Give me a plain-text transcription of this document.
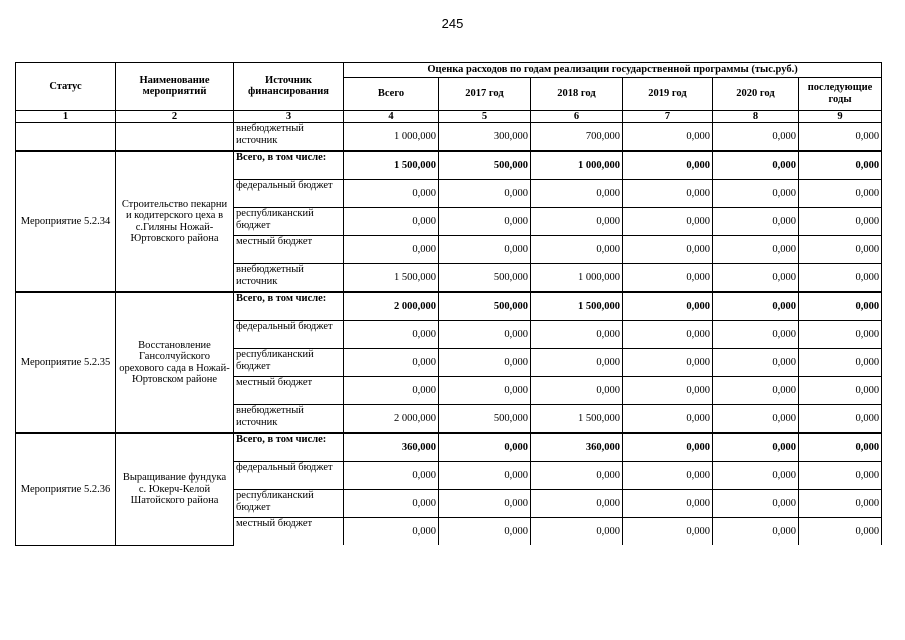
245
Статус	Наименование мероприятий	Источник финансирования	Оценка расходов по годам реализации государственной программы (тыс.руб.)					
			Всего	2017 год	2018 год	2019 год	2020 год	последующие годы
1	2	3	4	5	6	7	8	9
		внебюджетный источник	1 000,000	300,000	700,000	0,000	0,000	0,000
Мероприятие 5.2.34	Строительство пекарни и кодитерского цеха в с.Гиляны Ножай-Юртовского района	Всего, в том числе:	1 500,000	500,000	1 000,000	0,000	0,000	0,000
		федеральный бюджет	0,000	0,000	0,000	0,000	0,000	0,000
		республиканский бюджет	0,000	0,000	0,000	0,000	0,000	0,000
		местный бюджет	0,000	0,000	0,000	0,000	0,000	0,000
		внебюджетный источник	1 500,000	500,000	1 000,000	0,000	0,000	0,000
Мероприятие 5.2.35	Восстановление Гансолчуйского орехового сада в Ножай-Юртовском районе	Всего, в том числе:	2 000,000	500,000	1 500,000	0,000	0,000	0,000
		федеральный бюджет	0,000	0,000	0,000	0,000	0,000	0,000
		республиканский бюджет	0,000	0,000	0,000	0,000	0,000	0,000
		местный бюджет	0,000	0,000	0,000	0,000	0,000	0,000
		внебюджетный источник	2 000,000	500,000	1 500,000	0,000	0,000	0,000
Мероприятие 5.2.36	Выращивание фундука с. Юкерч-Келой Шатойского района	Всего, в том числе:	360,000	0,000	360,000	0,000	0,000	0,000
		федеральный бюджет	0,000	0,000	0,000	0,000	0,000	0,000
		республиканский бюджет	0,000	0,000	0,000	0,000	0,000	0,000
		местный бюджет	0,000	0,000	0,000	0,000	0,000	0,000
